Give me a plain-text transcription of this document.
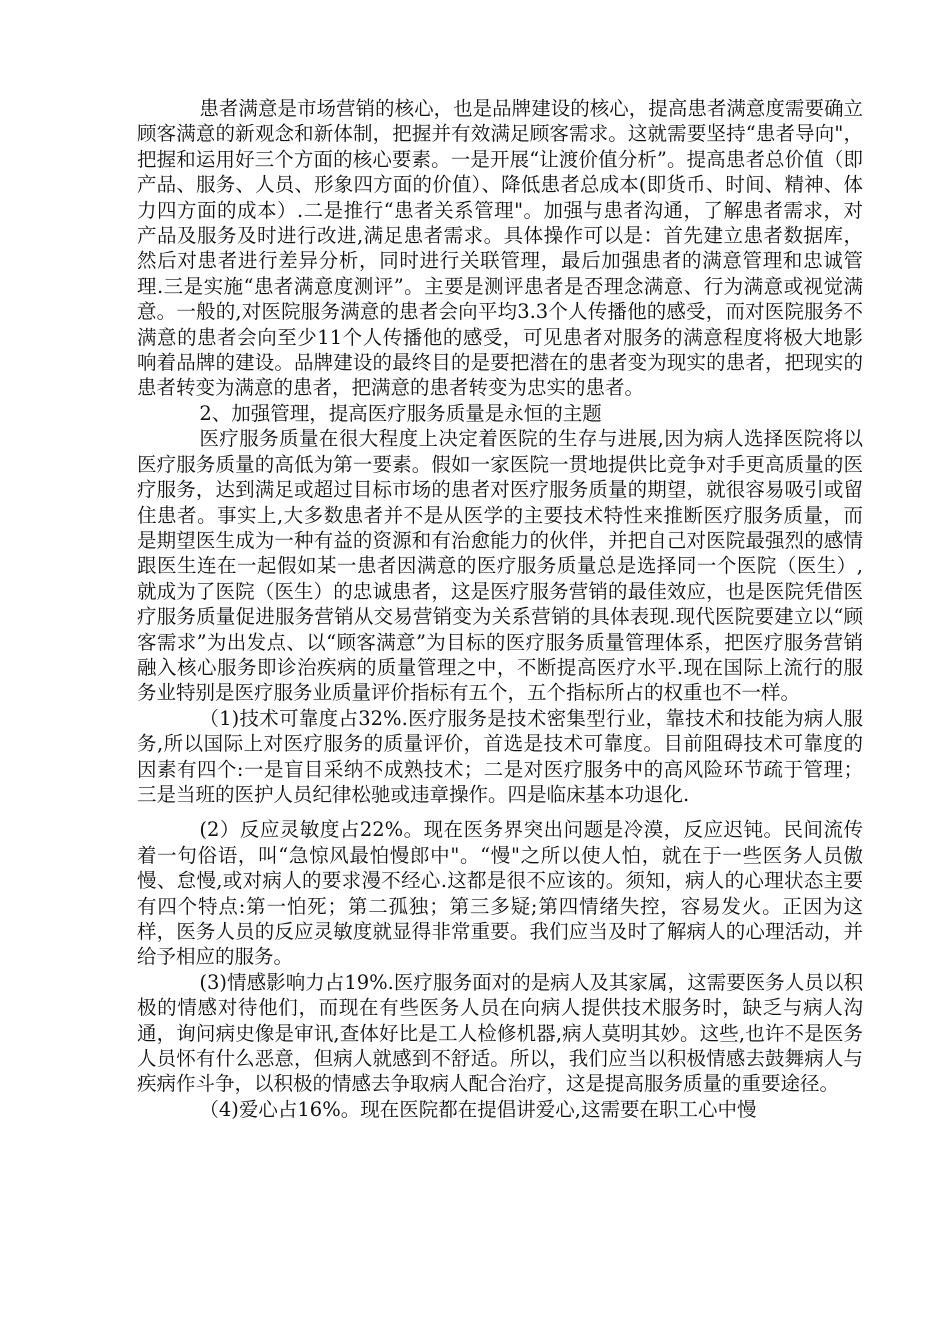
患者满意是市场营销的核心，也是品牌建设的核心，提高患者满意度需要确立顾客满意的新观念和新体制，把握并有效满足顾客需求。这就需要坚持“患者导向"，把握和运用好三个方面的核心要素。一是开展“让渡价值分析”。提高患者总价值（即产品、服务、人员、形象四方面的价值）、降低患者总成本(即货币、时间、精神、体力四方面的成本）.二是推行“患者关系管理"。加强与患者沟通，了解患者需求，对产品及服务及时进行改进,满足患者需求。具体操作可以是：首先建立患者数据库，然后对患者进行差异分析，同时进行关联管理，最后加强患者的满意管理和忠诚管理.三是实施“患者满意度测评”。主要是测评患者是否理念满意、行为满意或视觉满意。一般的,对医院服务满意的患者会向平均3.3个人传播他的感受，而对医院服务不满意的患者会向至少11个人传播他的感受，可见患者对服务的满意程度将极大地影响着品牌的建设。品牌建设的最终目的是要把潜在的患者变为现实的患者，把现实的患者转变为满意的患者，把满意的患者转变为忠实的患者。

2、加强管理，提高医疗服务质量是永恒的主题

医疗服务质量在很大程度上决定着医院的生存与进展,因为病人选择医院将以医疗服务质量的高低为第一要素。假如一家医院一贯地提供比竞争对手更高质量的医疗服务，达到满足或超过目标市场的患者对医疗服务质量的期望，就很容易吸引或留住患者。事实上,大多数患者并不是从医学的主要技术特性来推断医疗服务质量，而是期望医生成为一种有益的资源和有治愈能力的伙伴，并把自己对医院最强烈的感情跟医生连在一起假如某一患者因满意的医疗服务质量总是选择同一个医院（医生）,就成为了医院（医生）的忠诚患者，这是医疗服务营销的最佳效应，也是医院凭借医疗服务质量促进服务营销从交易营销变为关系营销的具体表现.现代医院要建立以“顾客需求”为出发点、以“顾客满意”为目标的医疗服务质量管理体系，把医疗服务营销融入核心服务即诊治疾病的质量管理之中，不断提高医疗水平.现在国际上流行的服务业特别是医疗服务业质量评价指标有五个，五个指标所占的权重也不一样。

（1)技术可靠度占32%.医疗服务是技术密集型行业，靠技术和技能为病人服务,所以国际上对医疗服务的质量评价，首选是技术可靠度。目前阻碍技术可靠度的因素有四个:一是盲目采纳不成熟技术；二是对医疗服务中的高风险环节疏于管理；三是当班的医护人员纪律松驰或违章操作。四是临床基本功退化.

(2）反应灵敏度占22%。现在医务界突出问题是冷漠，反应迟钝。民间流传着一句俗语，叫“急惊风最怕慢郎中"。“慢"之所以使人怕，就在于一些医务人员傲慢、怠慢,或对病人的要求漫不经心.这都是很不应该的。须知，病人的心理状态主要有四个特点:第一怕死；第二孤独；第三多疑;第四情绪失控，容易发火。正因为这样，医务人员的反应灵敏度就显得非常重要。我们应当及时了解病人的心理活动，并给予相应的服务。

(3)情感影响力占19%.医疗服务面对的是病人及其家属，这需要医务人员以积极的情感对待他们，而现在有些医务人员在向病人提供技术服务时，缺乏与病人沟通，询问病史像是审讯,查体好比是工人检修机器,病人莫明其妙。这些,也许不是医务人员怀有什么恶意，但病人就感到不舒适。所以，我们应当以积极情感去鼓舞病人与疾病作斗争，以积极的情感去争取病人配合治疗，这是提高服务质量的重要途径。

（4)爱心占16%。现在医院都在提倡讲爱心,这需要在职工心中慢
